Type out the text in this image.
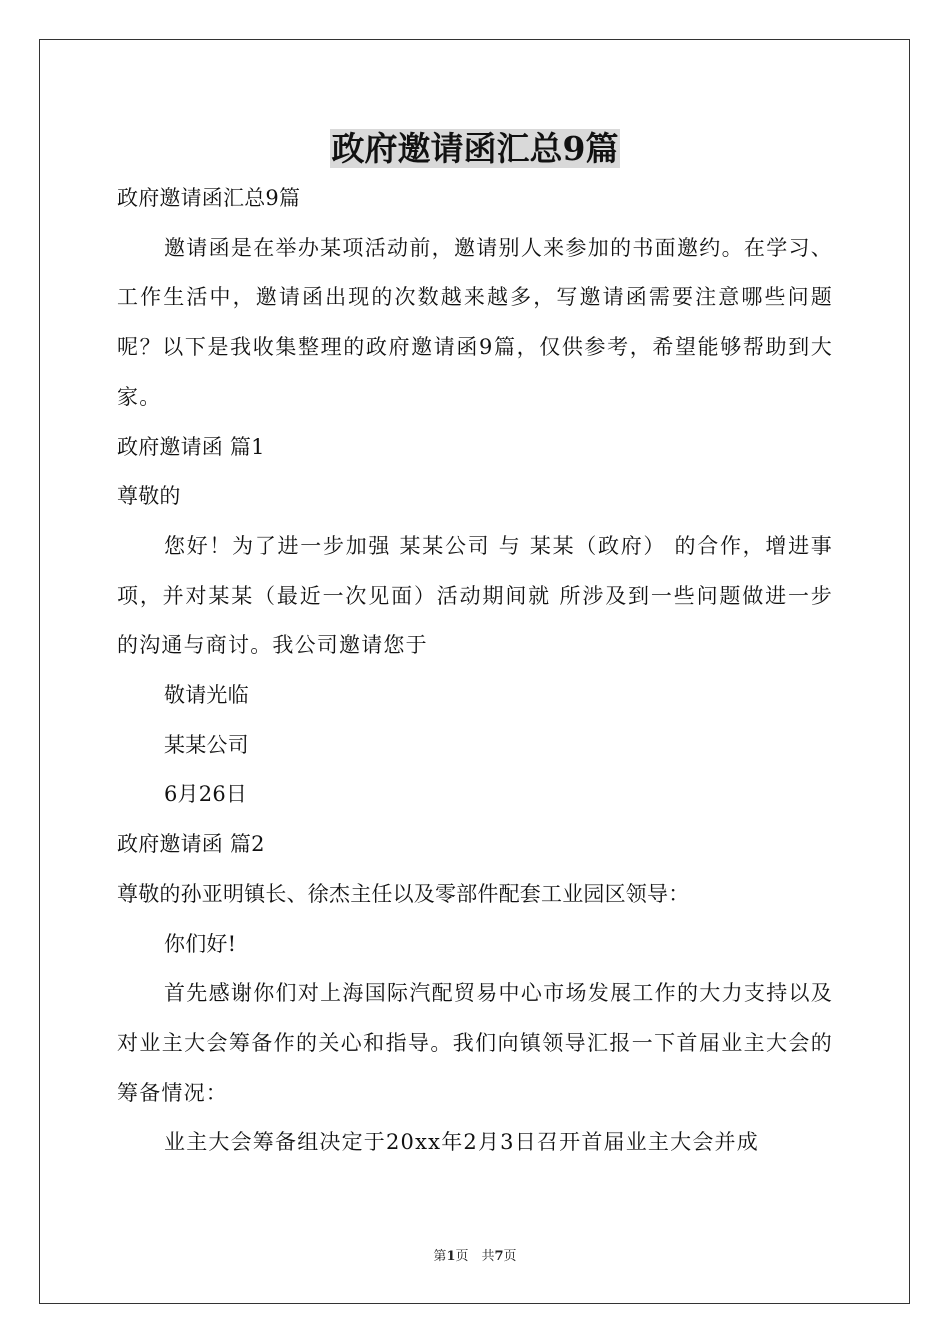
政府邀请函汇总9篇
政府邀请函汇总9篇
邀请函是在举办某项活动前，邀请别人来参加的书面邀约。在学习、工作生活中，邀请函出现的次数越来越多，写邀请函需要注意哪些问题呢？以下是我收集整理的政府邀请函9篇，仅供参考，希望能够帮助到大家。
政府邀请函 篇1
尊敬的
您好！为了进一步加强 某某公司 与 某某（政府） 的合作，增进事项，并对某某（最近一次见面）活动期间就 所涉及到一些问题做进一步的沟通与商讨。我公司邀请您于
敬请光临
某某公司
6月26日
政府邀请函 篇2
尊敬的孙亚明镇长、徐杰主任以及零部件配套工业园区领导：
你们好!
首先感谢你们对上海国际汽配贸易中心市场发展工作的大力支持以及对业主大会筹备作的关心和指导。我们向镇领导汇报一下首届业主大会的筹备情况：
业主大会筹备组决定于20xx年2月3日召开首届业主大会并成
第1页　共7页
